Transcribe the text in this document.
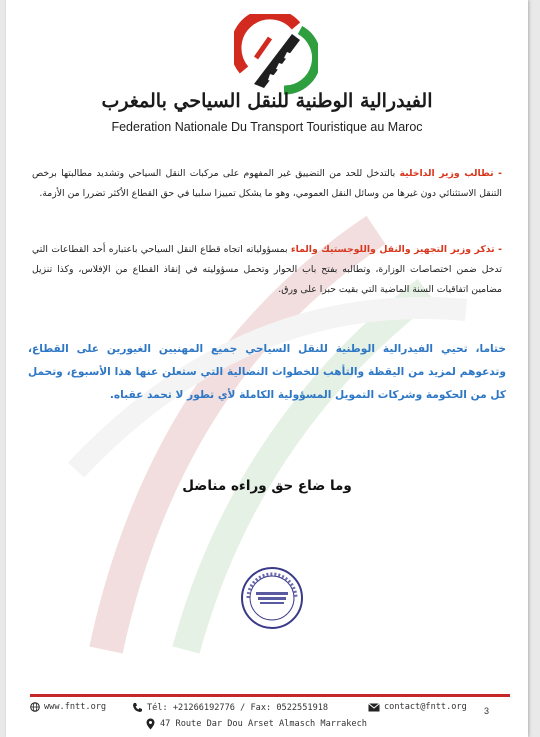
الفيدرالية الوطنية للنقل السياحي بالمغرب
Federation Nationale Du Transport Touristique au Maroc
- تطالب وزير الداخلية بالتدخل للحد من التضييق غير المفهوم على مركبات النقل السياحي وتشديد مطالبتها برخص التنقل الاستثنائي دون غيرها من وسائل النقل العمومي، وهو ما يشكل تمييزا سلبيا في حق القطاع الأكثر تضررا من الأزمة.
- تذكر وزير التجهيز والنقل واللوجستيك والماء بمسؤولياته اتجاه قطاع النقل السياحي باعتباره أحد القطاعات التي تدخل ضمن اختصاصات الوزارة، وتطالبه بفتح باب الحوار وتحمل مسؤوليته في إنقاذ القطاع من الإفلاس، وكذا تنزيل مضامين اتفاقيات السنة الماضية التي بقيت حبرا على ورق.
ختاما، تحيي الفيدرالية الوطنية للنقل السياحي جميع المهنيين الغيورين على القطاع، وتدعوهم لمزيد من اليقظة والتأهب للخطوات النضالية التي ستعلن عنها هذا الأسبوع، وتحمل كل من الحكومة وشركات التمويل المسؤولية الكاملة لأي تطور لا تحمد عقباه.
وما ضاع حق وراءه مناضل
www.fntt.org	Tél: +212661927​76 / Fax: 0522551918	contact@fntt.org 3
47 Route Dar Dou Arset Almasch Marrakech
